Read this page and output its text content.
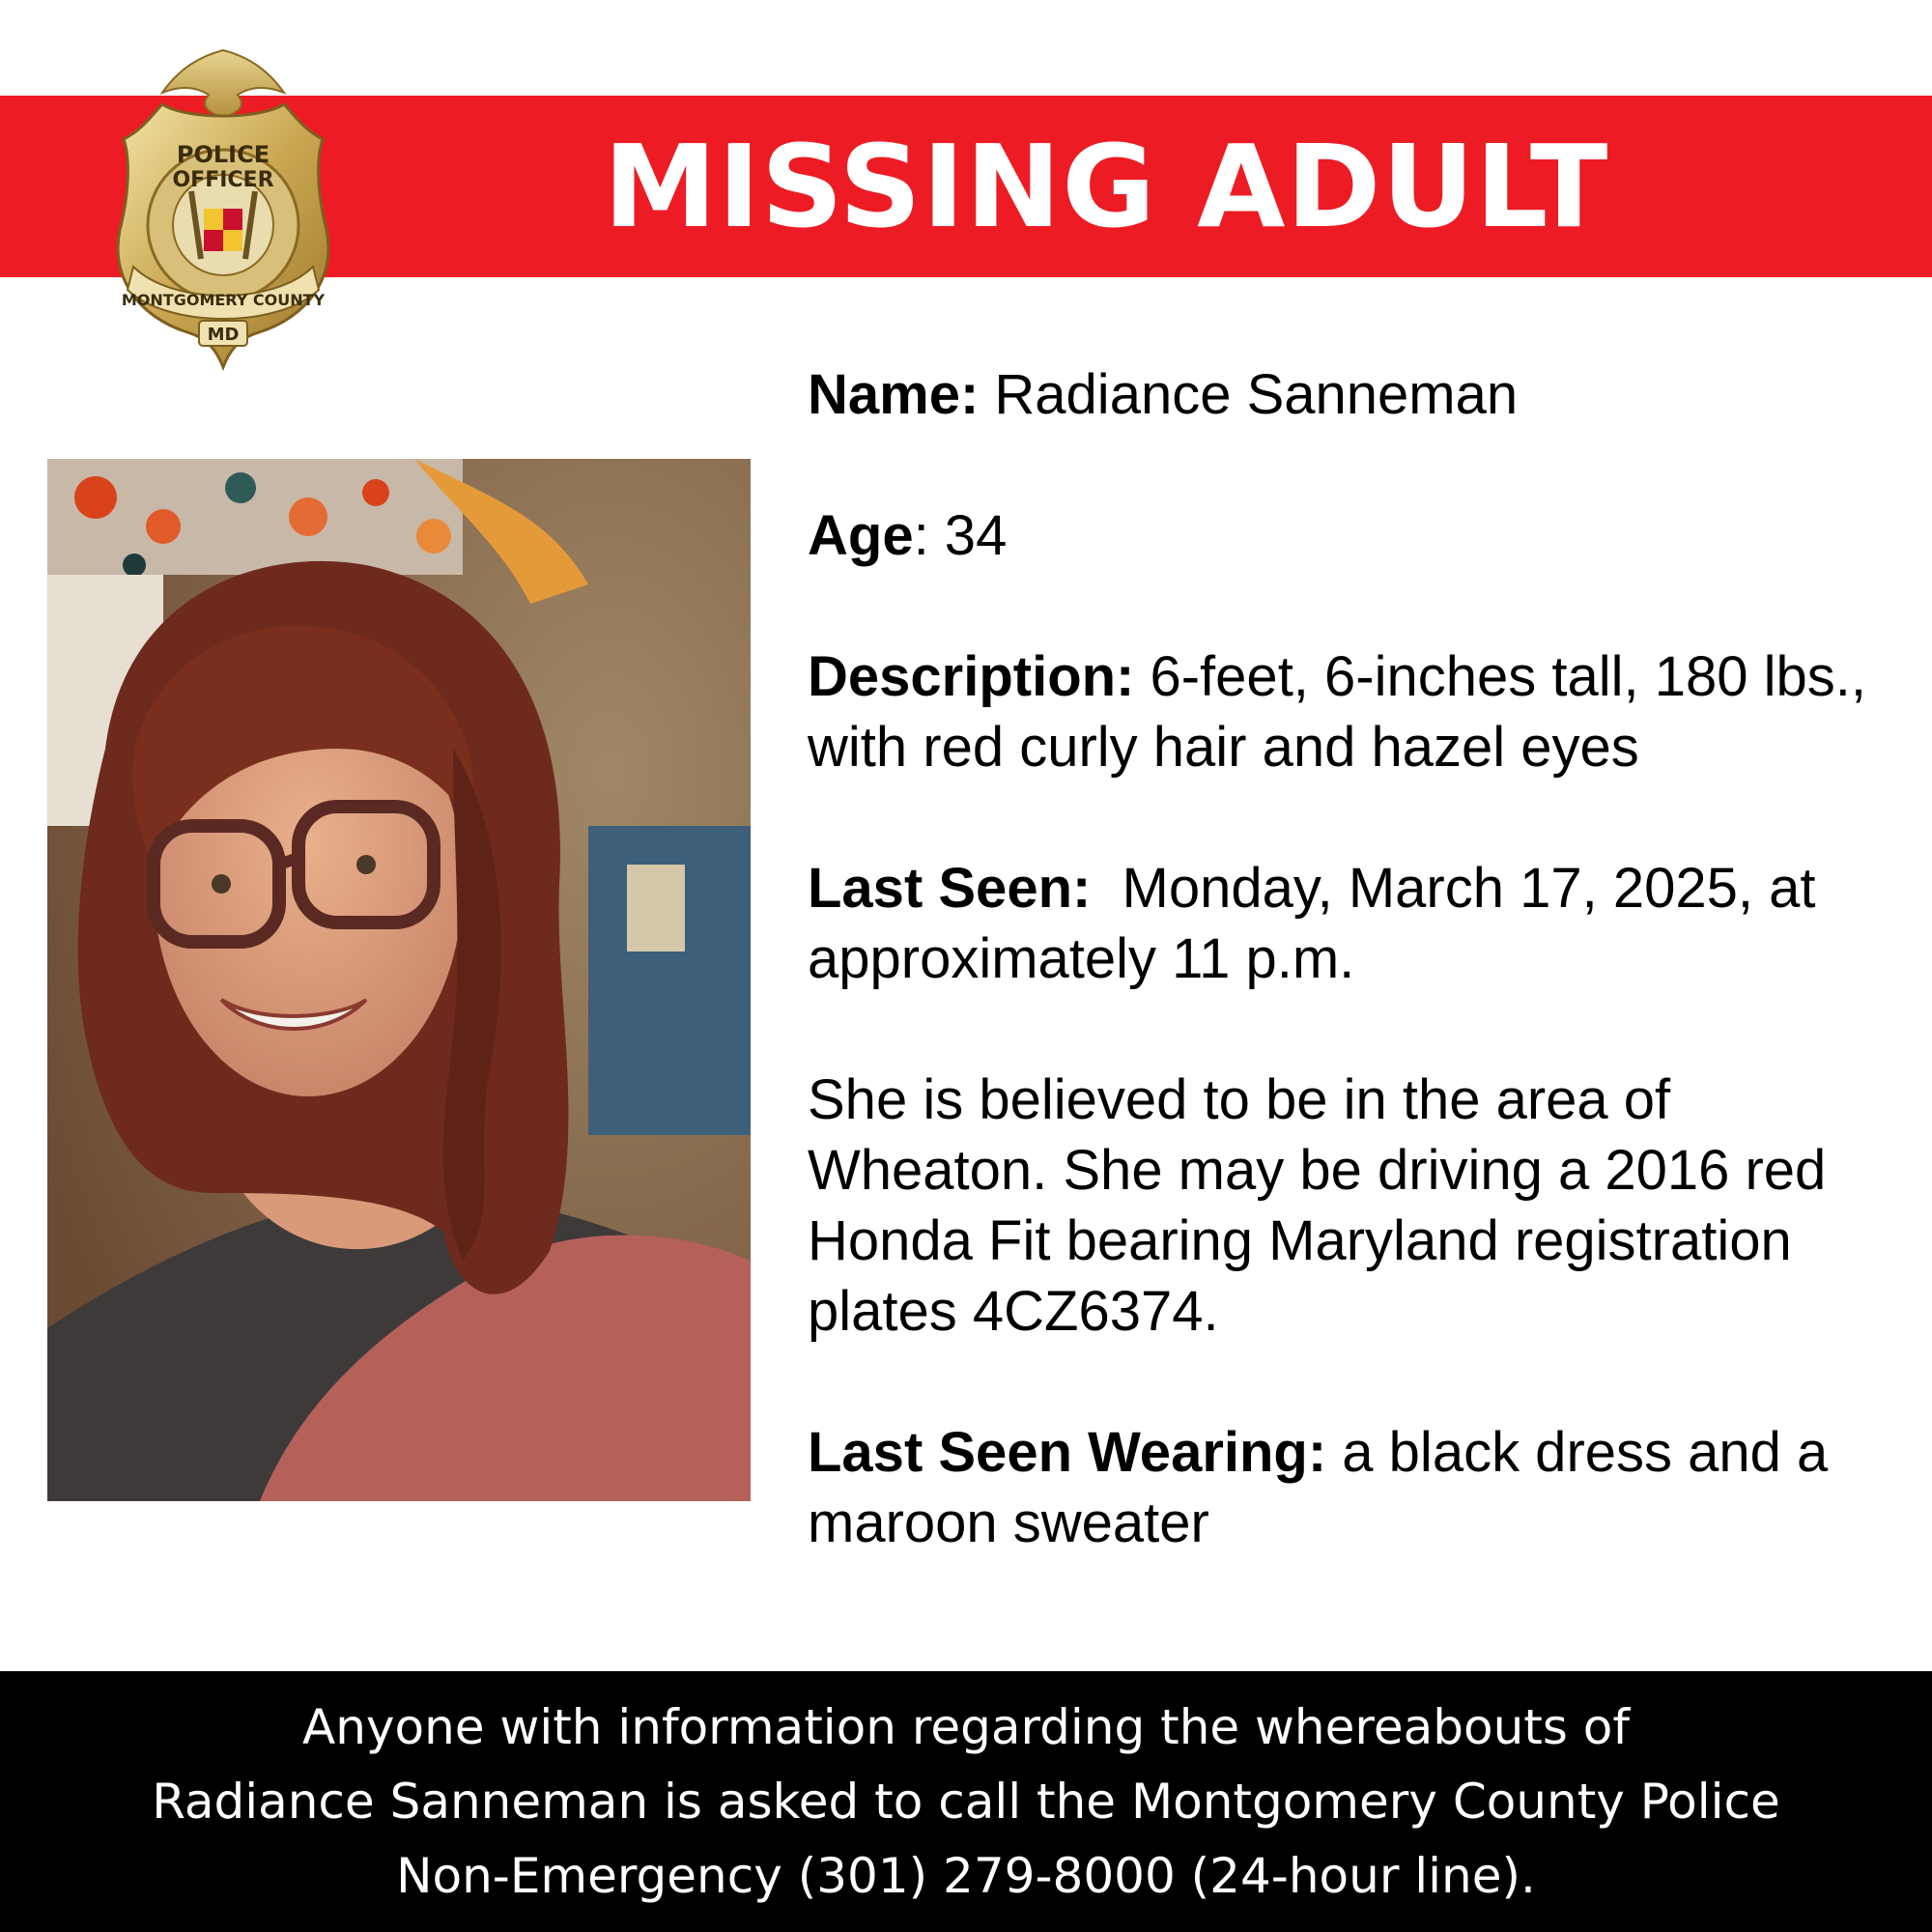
MISSING ADULT
POLICE
OFFICER
MONTGOMERY COUNTY
MD

Name: Radiance Sanneman

Age: 34

Description: 6-feet, 6-inches tall, 180 lbs., with red curly hair and hazel eyes

Last Seen:  Monday, March 17, 2025, at approximately 11 p.m.

She is believed to be in the area of Wheaton. She may be driving a 2016 red Honda Fit bearing Maryland registration plates 4CZ6374.

Last Seen Wearing: a black dress and a maroon sweater

Anyone with information regarding the whereabouts of
Radiance Sanneman is asked to call the Montgomery County Police
Non-Emergency (301) 279-8000 (24-hour line).
